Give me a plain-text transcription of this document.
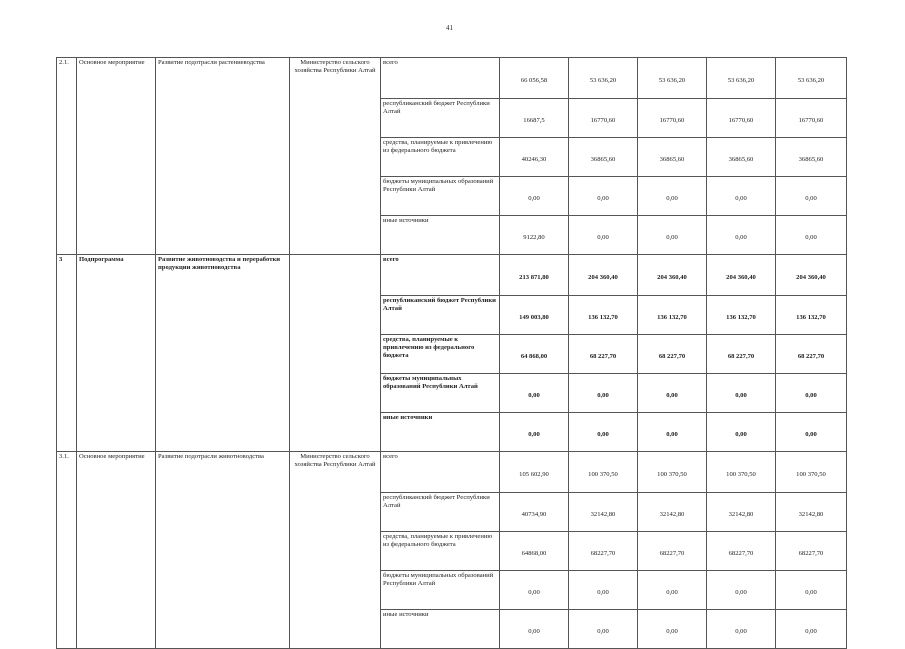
41
2.1.	Основное мероприятие	Развитие подотрасли растениеводства	Министерство сельского хозяйства Республики Алтай	всего	66 056,58	53 636,20	53 636,20	53 636,20	53 636,20
				республиканский бюджет Республики Алтай	16687,5	16770,60	16770,60	16770,60	16770,60
				средства, планируемые к привлечению из федерального бюджета	40246,30	36865,60	36865,60	36865,60	36865,60
				бюджеты муниципальных образований Республики Алтай	0,00	0,00	0,00	0,00	0,00
				иные источники	9122,80	0,00	0,00	0,00	0,00
3	Подпрограмма	Развитие животноводства и переработки продукции животноводства		всего	213 871,80	204 360,40	204 360,40	204 360,40	204 360,40
				республиканский бюджет Республики Алтай	149 003,80	136 132,70	136 132,70	136 132,70	136 132,70
				средства, планируемые к привлечению из федерального бюджета	64 868,00	68 227,70	68 227,70	68 227,70	68 227,70
				бюджеты муниципальных образований Республики Алтай	0,00	0,00	0,00	0,00	0,00
				иные источники	0,00	0,00	0,00	0,00	0,00
3.1.	Основное мероприятие	Развитие подотрасли животноводства	Министерство сельского хозяйства Республики Алтай	всего	105 602,90	100 370,50	100 370,50	100 370,50	100 370,50
				республиканский бюджет Республики Алтай	40734,90	32142,80	32142,80	32142,80	32142,80
				средства, планируемые к привлечению из федерального бюджета	64868,00	68227,70	68227,70	68227,70	68227,70
				бюджеты муниципальных образований Республики Алтай	0,00	0,00	0,00	0,00	0,00
				иные источники	0,00	0,00	0,00	0,00	0,00
